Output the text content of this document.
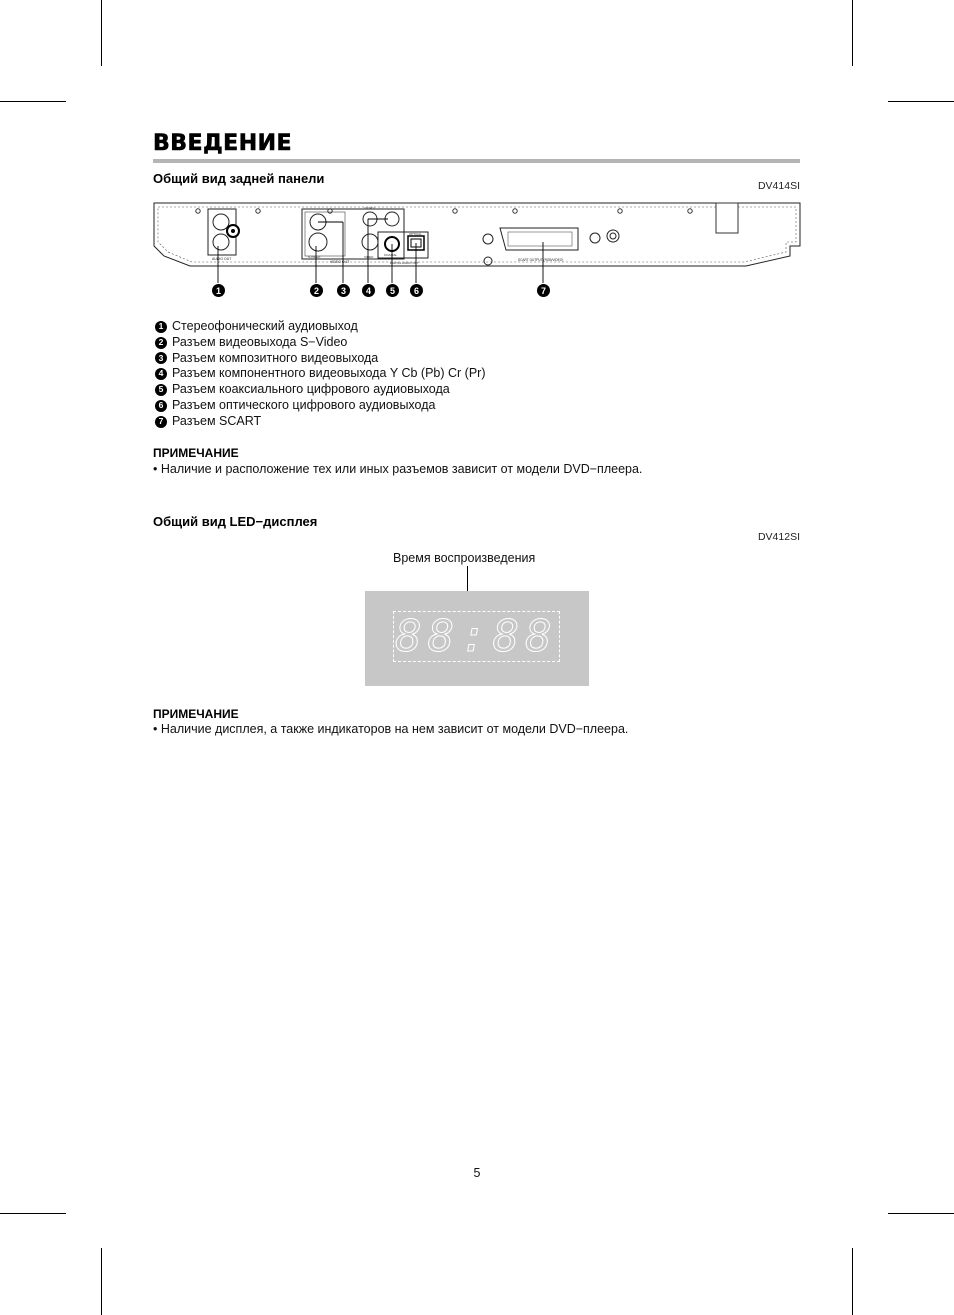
ВВЕДЕНИЕ
Общий вид задней панели	DV414SI
AUDIO OUT
VIDEO OUT
S-VIDEO	VIDEO
Y/Cb/Cr
COAXIAL
OPTICAL
DIGITAL AUDIO OUT
SCART OUTPUT (RGB/VIDEO)
1	2	3	4	5	6	7
1 Стереофонический аудиовыход
2 Разъем видеовыхода S−Video
3 Разъем композитного видеовыхода
4 Разъем компонентного видеовыхода Y Cb (Pb) Cr (Pr)
5 Разъем коаксиального цифрового аудиовыхода
6 Разъем оптического цифрового аудиовыхода
7 Разъем SCART
ПРИМЕЧАНИЕ
• Наличие и расположение тех или иных разъемов зависит от модели DVD−плеера.
Общий вид LED−дисплея
DV412SI
Время воспроизведения
88:88
ПРИМЕЧАНИЕ
• Наличие дисплея, а также индикаторов на нем зависит от модели DVD−плеера.
5
